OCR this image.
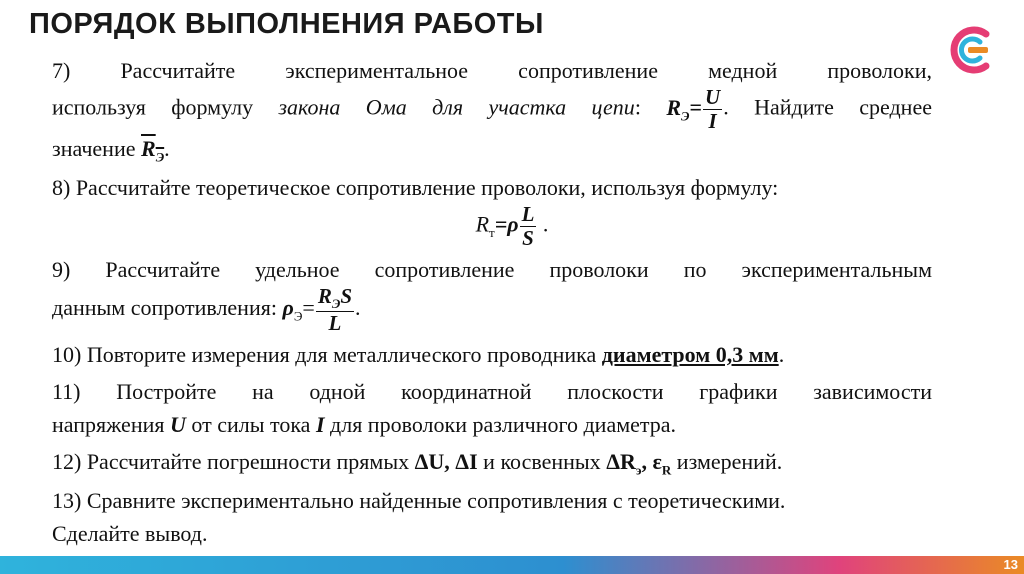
ПОРЯДОК ВЫПОЛНЕНИЯ РАБОТЫ
7) Рассчитайте экспериментальное сопротивление медной проволоки,
используя формулу закона Ома для участка цепи: $R_Э= \frac{U}{I}$ . Найдите среднее
значение $R_Э$.
8) Рассчитайте теоретическое сопротивление проволоки, используя формулу:
$R_т=\rho \frac{L}{S}$ .
9) Рассчитайте удельное сопротивление проволоки по экспериментальным
данным сопротивления: $\rho_Э= \frac{R_ЭS}{L}$ .
10) Повторите измерения для металлического проводника диаметром 0,3 мм.
11) Постройте на одной координатной плоскости графики зависимости
напряжения U от силы тока I для проволоки различного диаметра.
12) Рассчитайте погрешности прямых ΔU, ΔI и косвенных $\Delta R_э$, $\varepsilon_R$ измерений.
13) Сравните экспериментально найденные сопротивления с теоретическими.
Сделайте вывод.
13
